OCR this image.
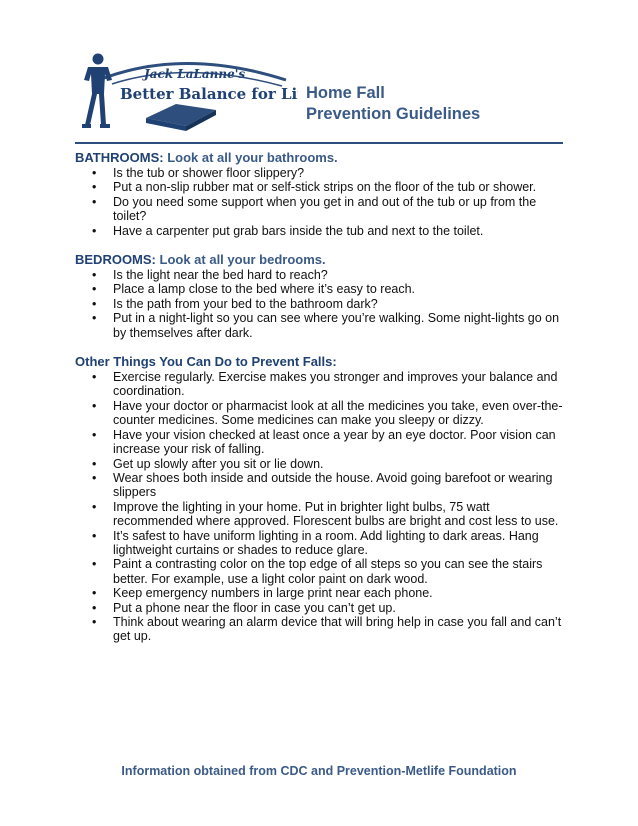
Jack LaLanne's
Better Balance for Life
Home Fall
Prevention Guidelines
BATHROOMS: Look at all your bathrooms.
• Is the tub or shower floor slippery?
• Put a non-slip rubber mat or self-stick strips on the floor of the tub or shower.
• Do you need some support when you get in and out of the tub or up from the toilet?
• Have a carpenter put grab bars inside the tub and next to the toilet.
BEDROOMS: Look at all your bedrooms.
• Is the light near the bed hard to reach?
• Place a lamp close to the bed where it’s easy to reach.
• Is the path from your bed to the bathroom dark?
• Put in a night-light so you can see where you’re walking. Some night-lights go on by themselves after dark.
Other Things You Can Do to Prevent Falls:
• Exercise regularly. Exercise makes you stronger and improves your balance and coordination.
• Have your doctor or pharmacist look at all the medicines you take, even over-the-counter medicines. Some medicines can make you sleepy or dizzy.
• Have your vision checked at least once a year by an eye doctor. Poor vision can increase your risk of falling.
• Get up slowly after you sit or lie down.
• Wear shoes both inside and outside the house. Avoid going barefoot or wearing slippers
• Improve the lighting in your home. Put in brighter light bulbs, 75 watt recommended where approved. Florescent bulbs are bright and cost less to use.
• It’s safest to have uniform lighting in a room. Add lighting to dark areas. Hang lightweight curtains or shades to reduce glare.
• Paint a contrasting color on the top edge of all steps so you can see the stairs better. For example, use a light color paint on dark wood.
• Keep emergency numbers in large print near each phone.
• Put a phone near the floor in case you can’t get up.
• Think about wearing an alarm device that will bring help in case you fall and can’t get up.
Information obtained from CDC and Prevention-Metlife Foundation
